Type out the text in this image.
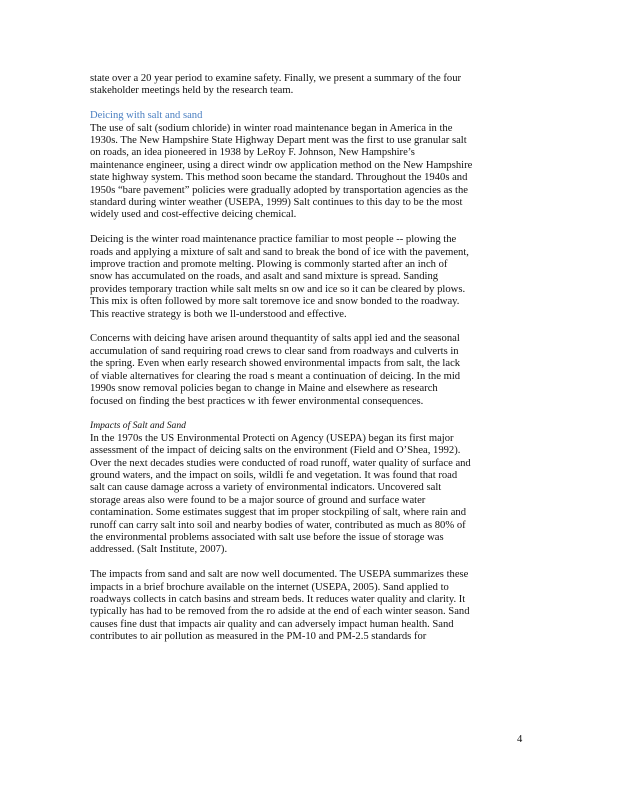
state over a 20 year period to examine safety. Finally, we present a summary of the four
stakeholder meetings held by the research team.
Deicing with salt and sand
The use of salt (sodium chloride) in winter road maintenance began in America in the
1930s. The New Hampshire State Highway Depart ment was the first to use granular salt
on roads, an idea pioneered in 1938 by LeRoy F. Johnson, New Hampshire’s
maintenance engineer, using a direct windr ow application method on the New Hampshire
state highway system. This method soon became the standard. Throughout the 1940s and
1950s “bare pavement” policies were gradually adopted by transportation agencies as the
standard during winter weather (USEPA, 1999) Salt continues to this day to be the most
widely used and cost-effective deicing chemical.
Deicing is the winter road maintenance practice familiar to most people -- plowing the
roads and applying a mixture of salt and sand to break the bond of ice with the pavement,
improve traction and promote melting. Plowing is commonly started after an inch of
snow has accumulated on the roads, and asalt and sand mixture is spread. Sanding
provides temporary traction while salt melts sn ow and ice so it can be cleared by plows.
This mix is often followed by more salt toremove ice and snow bonded to the roadway.
This reactive strategy is both we ll-understood and effective.
Concerns with deicing have arisen around thequantity of salts appl ied and the seasonal
accumulation of sand requiring road crews to clear sand from roadways and culverts in
the spring. Even when early research showed environmental impacts from salt, the lack
of viable alternatives for clearing the road s meant a continuation of deicing. In the mid
1990s snow removal policies began to change in Maine and elsewhere as research
focused on finding the best practices w ith fewer environmental consequences.
Impacts of Salt and Sand
In the 1970s the US Environmental Protecti on Agency (USEPA) began its first major
assessment of the impact of deicing salts on the environment (Field and O’Shea, 1992).
Over the next decades studies were conducted of road runoff, water quality of surface and
ground waters, and the impact on soils, wildli fe and vegetation. It was found that road
salt can cause damage across a variety of environmental indicators. Uncovered salt
storage areas also were found to be a major source of ground and surface water
contamination. Some estimates suggest that im proper stockpiling of salt, where rain and
runoff can carry salt into soil and nearby bodies of water, contributed as much as 80% of
the environmental problems associated with salt use before the issue of storage was
addressed. (Salt Institute, 2007).
The impacts from sand and salt are now well documented. The USEPA summarizes these
impacts in a brief brochure available on the internet (USEPA, 2005). Sand applied to
roadways collects in catch basins and stream beds. It reduces water quality and clarity. It
typically has had to be removed from the ro adside at the end of each winter season. Sand
causes fine dust that impacts air quality and can adversely impact human health. Sand
contributes to air pollution as measured in the PM-10 and PM-2.5 standards for
4
